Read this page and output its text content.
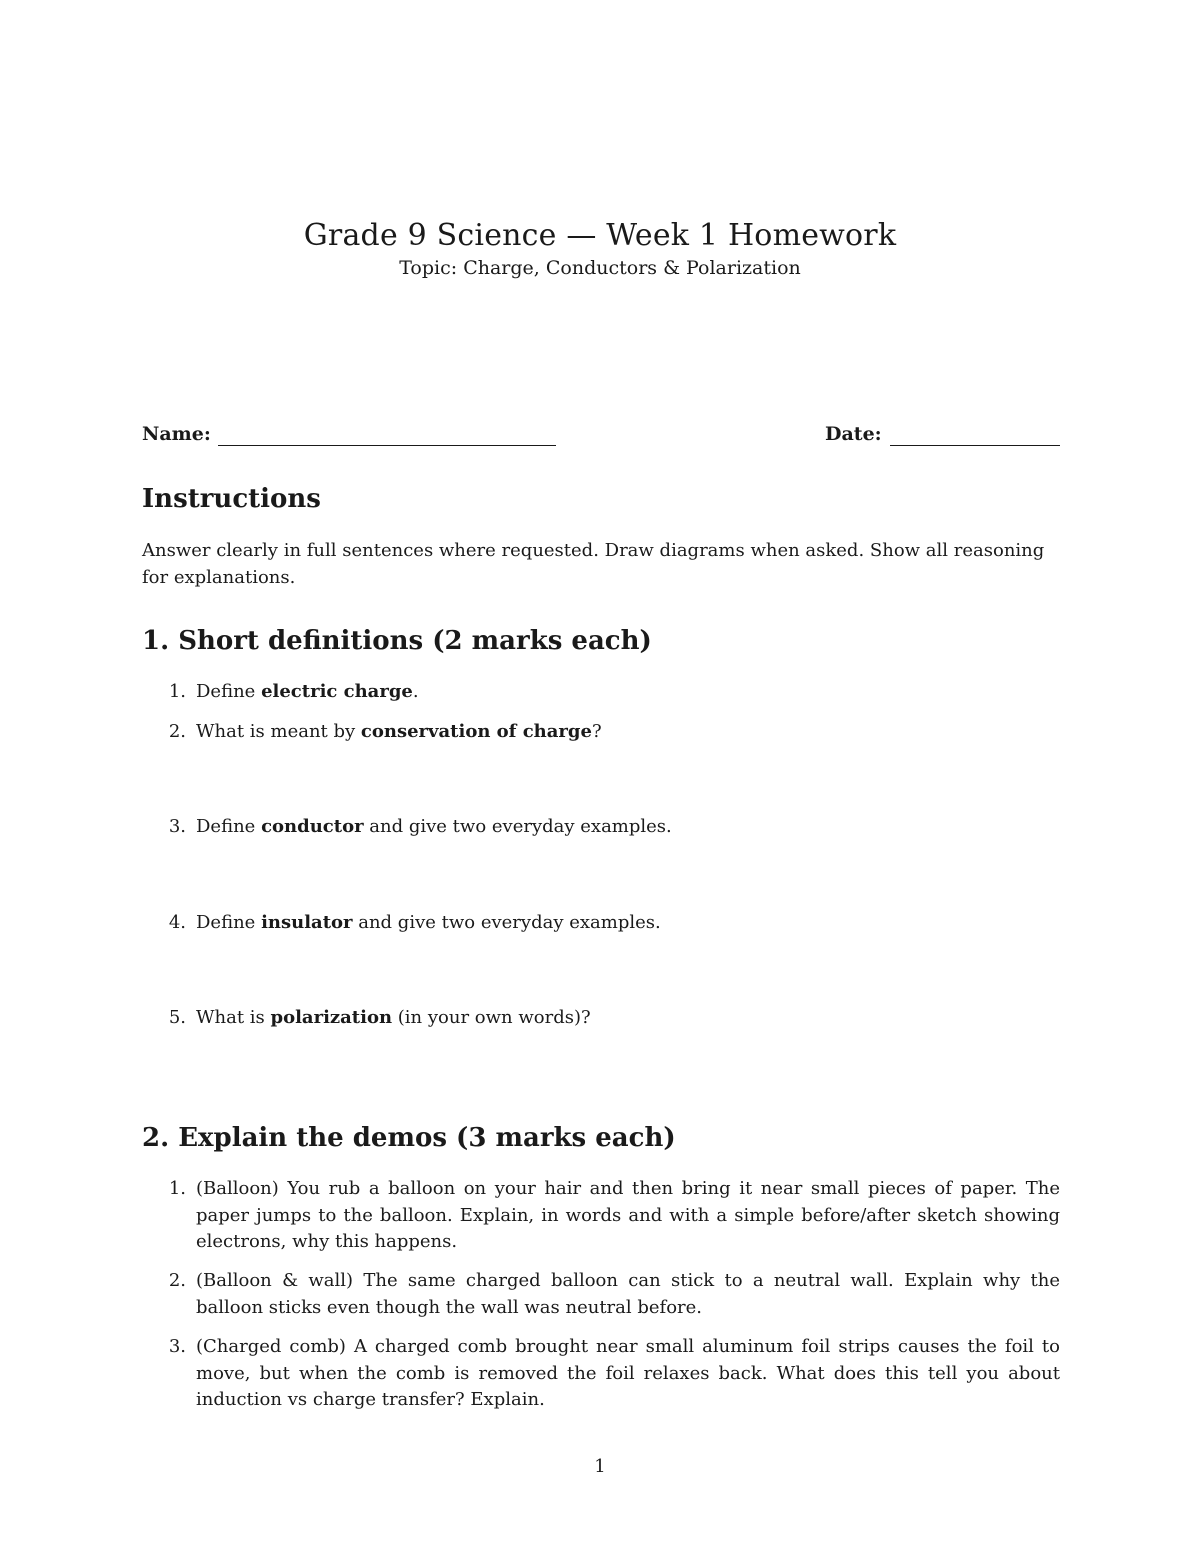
Grade 9 Science — Week 1 Homework
Topic: Charge, Conductors & Polarization
Name:	Date:
Instructions
Answer clearly in full sentences where requested. Draw diagrams when asked. Show all reasoning for explanations.
1. Short definitions (2 marks each)
1. Define electric charge.
2. What is meant by conservation of charge?
3. Define conductor and give two everyday examples.
4. Define insulator and give two everyday examples.
5. What is polarization (in your own words)?
2. Explain the demos (3 marks each)
1. (Balloon) You rub a balloon on your hair and then bring it near small pieces of paper. The paper jumps to the balloon. Explain, in words and with a simple before/after sketch showing electrons, why this happens.
2. (Balloon & wall) The same charged balloon can stick to a neutral wall. Explain why the balloon sticks even though the wall was neutral before.
3. (Charged comb) A charged comb brought near small aluminum foil strips causes the foil to move, but when the comb is removed the foil relaxes back. What does this tell you about induction vs charge transfer? Explain.
1
